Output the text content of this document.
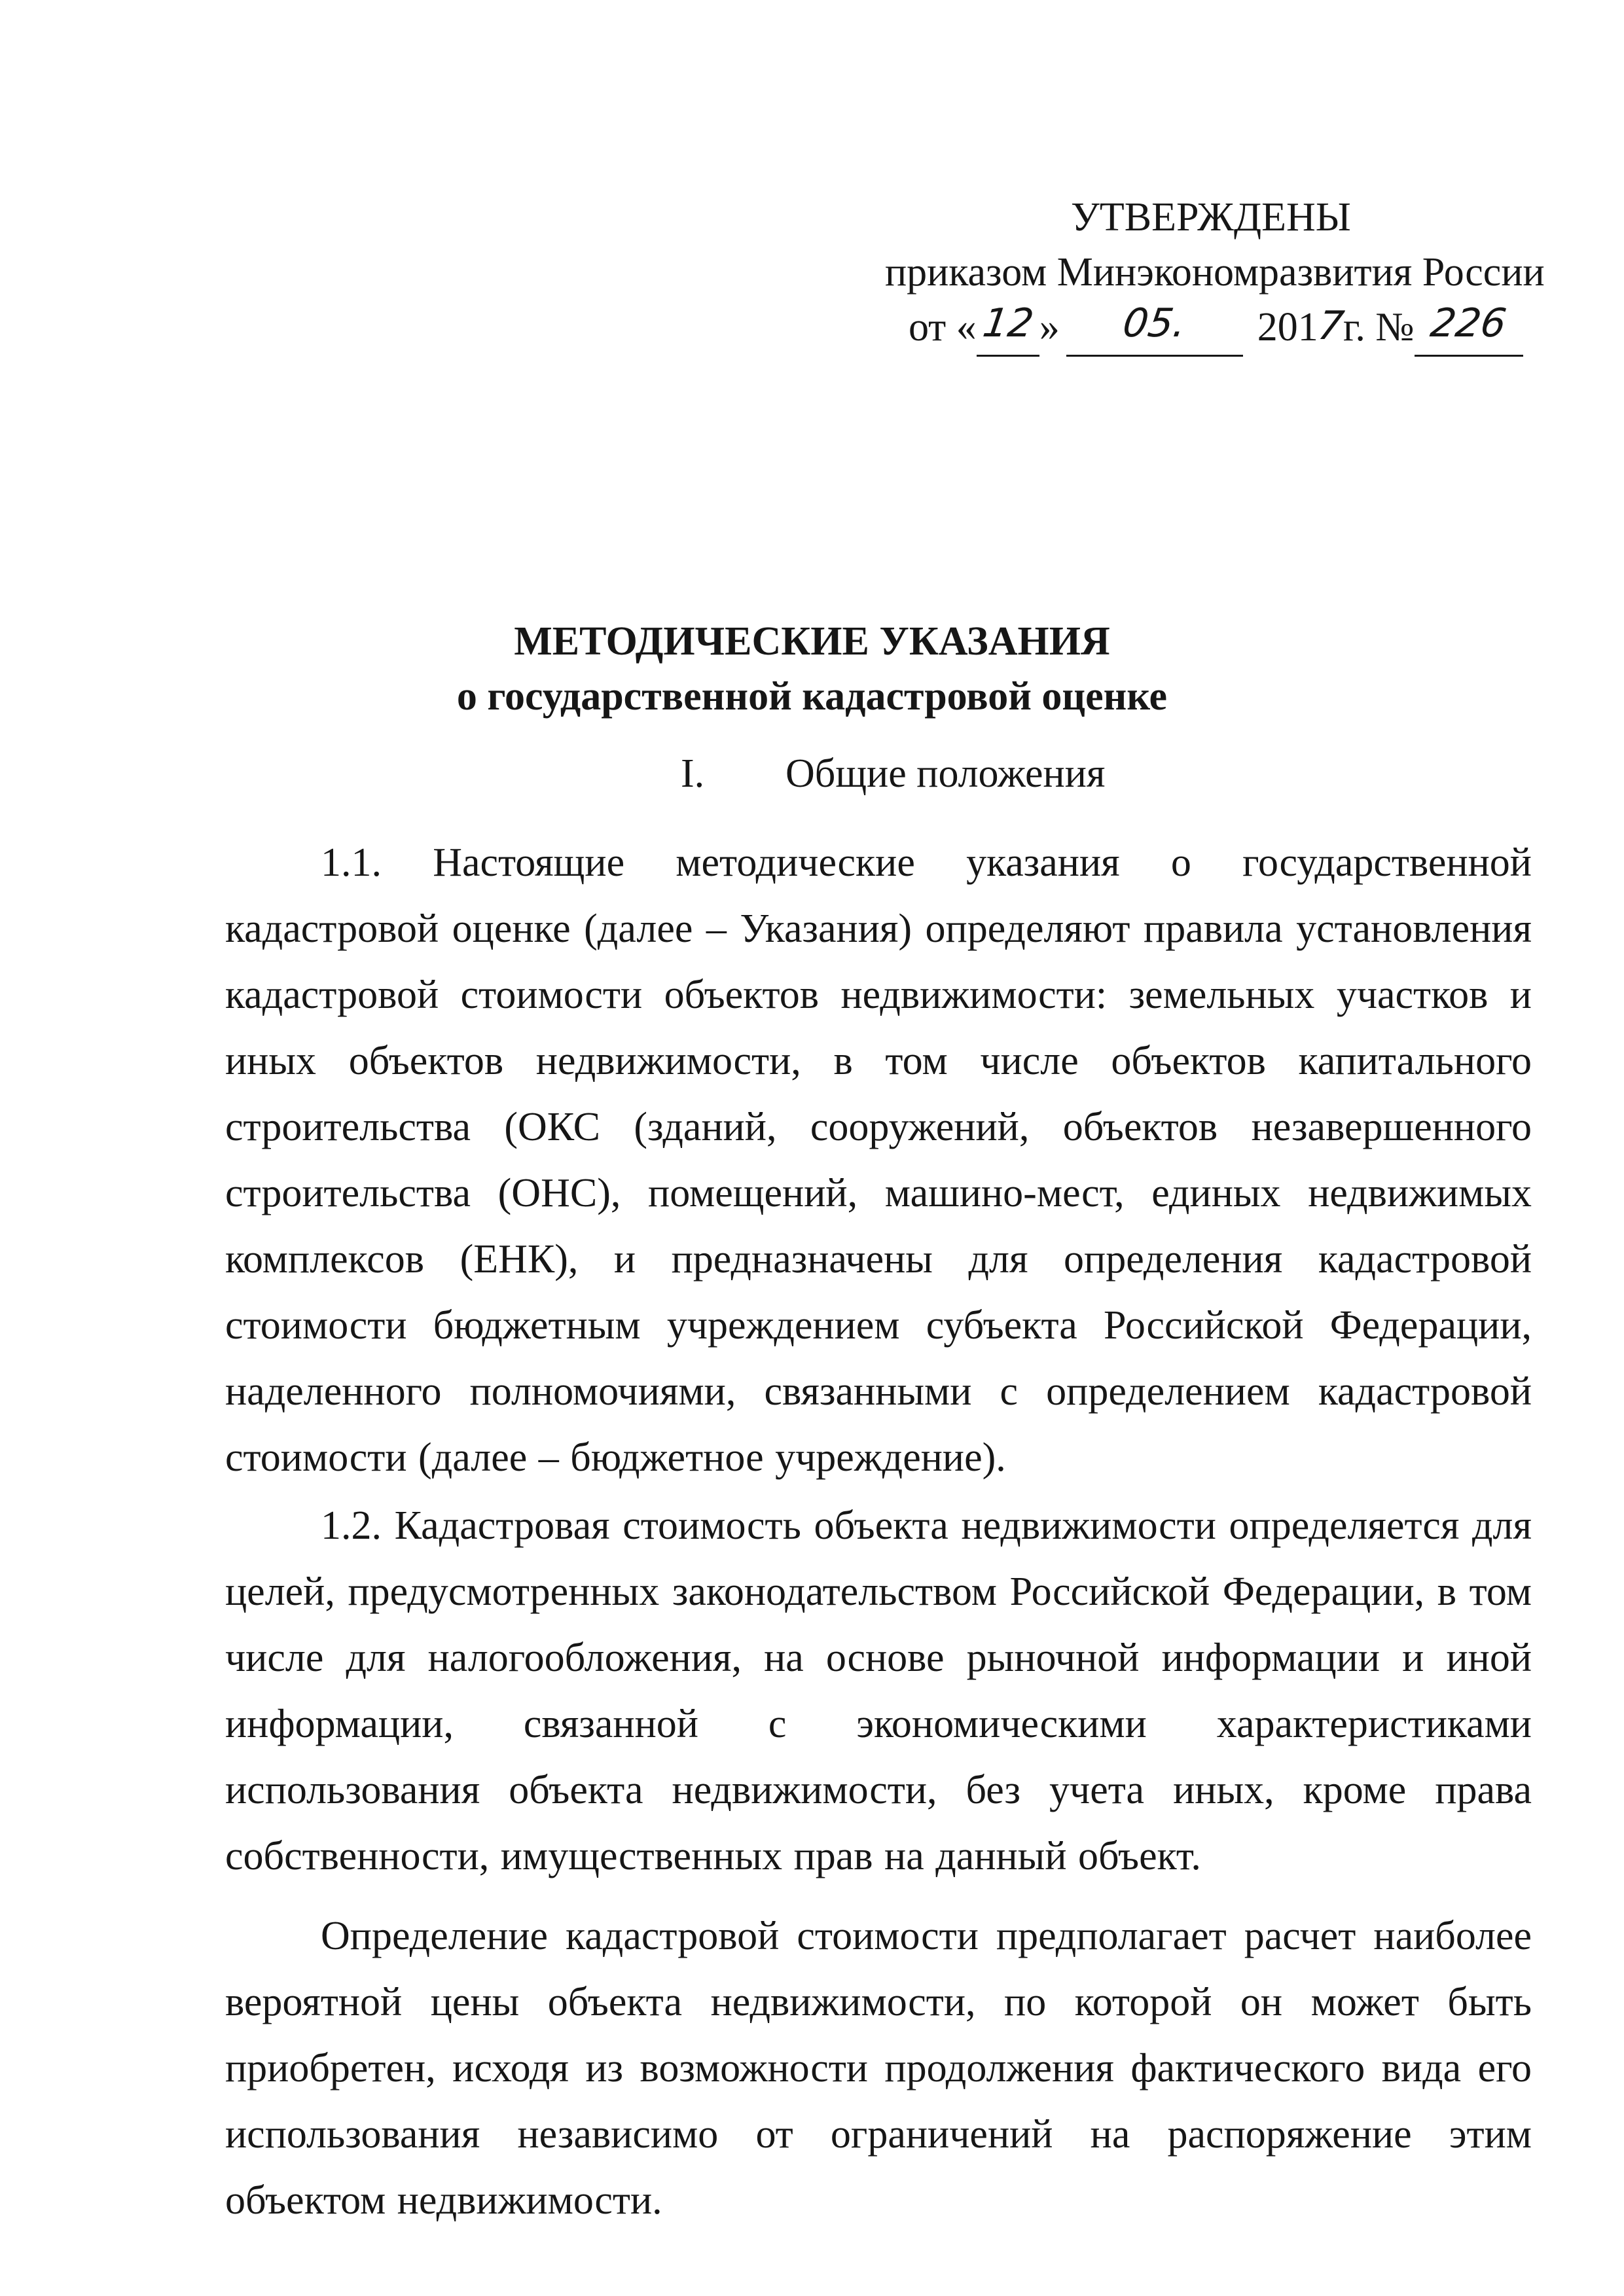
УТВЕРЖДЕНЫ
приказом Минэкономразвития России
от « 12 »	05.	201
7
г. № 226
МЕТОДИЧЕСКИЕ УКАЗАНИЯ
о государственной кадастровой оценке
I. Общие положения

1.1. Настоящие методические указания о государственной кадастровой оценке (далее – Указания) определяют правила установления кадастровой стоимости объектов недвижимости: земельных участков и иных объектов недвижимости, в том числе объектов капитального строительства (ОКС (зданий, сооружений, объектов незавершенного строительства (ОНС), помещений, машино-мест, единых недвижимых комплексов (ЕНК), и предназначены для определения кадастровой стоимости бюджетным учреждением субъекта Российской Федерации, наделенного полномочиями, связанными с определением кадастровой стоимости (далее – бюджетное учреждение).

1.2. Кадастровая стоимость объекта недвижимости определяется для целей, предусмотренных законодательством Российской Федерации, в том числе для налогообложения, на основе рыночной информации и иной информации, связанной с экономическими характеристиками использования объекта недвижимости, без учета иных, кроме права собственности, имущественных прав на данный объект.

Определение кадастровой стоимости предполагает расчет наиболее вероятной цены объекта недвижимости, по которой он может быть приобретен, исходя из возможности продолжения фактического вида его использования независимо от ограничений на распоряжение этим объектом недвижимости.
